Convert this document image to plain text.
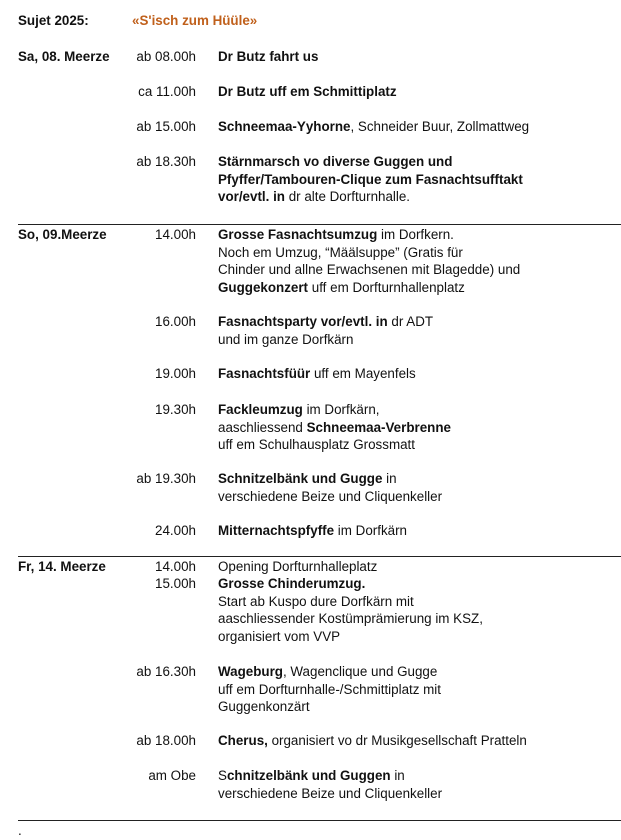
Sujet 2025:	«S'isch zum Hüüle»
Sa, 08. Meerze
So, 09.Meerze
Fr, 14. Meerze
.
ab 08.00h Dr Butz fahrt us
ca 11.00h Dr Butz uff em Schmittiplatz
ab 15.00h Schneemaa-Yyhorne, Schneider Buur, Zollmattweg
ab 18.30h Stärnmarsch vo diverse Guggen und
Pfyffer/Tambouren-Clique zum Fasnachtsufftakt
vor/evtl. in dr alte Dorfturnhalle.
14.00h Grosse Fasnachtsumzug im Dorfkern.
Noch em Umzug, “Määlsuppe” (Gratis für
Chinder und allne Erwachsenen mit Blagedde) und
Guggekonzert uff em Dorfturnhallenplatz
16.00h Fasnachtsparty vor/evtl. in dr ADT
und im ganze Dorfkärn
19.00h Fasnachtsfüür uff em Mayenfels
19.30h Fackleumzug im Dorfkärn,
aaschliessend Schneemaa-Verbrenne
uff em Schulhausplatz Grossmatt
ab 19.30h Schnitzelbänk und Gugge in
verschiedene Beize und Cliquenkeller
24.00h Mitternachtspfyffe im Dorfkärn
14.00h Opening Dorfturnhalleplatz
15.00h Grosse Chinderumzug.
Start ab Kuspo dure Dorfkärn mit
aaschliessender Kostümprämierung im KSZ,
organisiert vom VVP
ab 16.30h Wageburg, Wagenclique und Gugge
uff em Dorfturnhalle-/Schmittiplatz mit
Guggenkonzärt
ab 18.00h Cherus, organisiert vo dr Musikgesellschaft Pratteln
am Obe Schnitzelbänk und Guggen in
verschiedene Beize und Cliquenkeller
